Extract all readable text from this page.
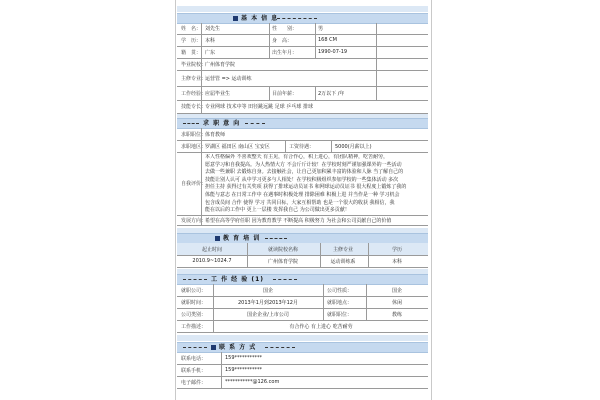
基 本 信 息
姓　名： 刘先生	性　　别：	男
学　历： 本科	身　高：	168 CM
籍　贯： 广东	出生年月：	1990-07-19
毕业院校：
广州体育学院
主修专业：
运营管 => 运动训练
工作经验：
应届毕业生	目前年薪：	2万以下 /年
技能专长：
专业网球 技术中等 田径跳远跳 足球 乒乓球 排球
求 职 意 向
求职职位：
体育教师
求职地区：
罗湖区 福田区 南山区 宝安区	工资待遇：	5000(月薪以上)
自我评价：
本人性格偏外 不喜欢整天 有主见，有合作心，积上进心，有团队精神，吃苦耐劳，
愿意学习和自我提高。为人热情大方 不会斤斤计较！在学校时刻严谨加强课外的一些活动
去做一些兼职 去锻炼自身。去接触社会，让自己更加积累丰富的体验和人脉 当了解自己的
技能让别人认可 从中学习更多与人相处！在学校积极组织参加学校的一些集体活动 多次
担任主持 获得过有关奖项 获得了排球运动员证书 和网球运动员证书 很大程度上锻炼了我的
体能与意志 在日常工作中 在遇事时积极处理 排除困难 积极上进 并当作是一种 学习机会
包含成员间 合作 使得 学习 共同目标，大家互相帮助 也是一个很大的收获 我相信，我
能在以后的工作中 更上一层楼 发挥我自己 为公司做出更多贡献！
发展方向：
希望在高等学府任职 因为教育教学 不断提高 积极努力 为社会和公司贡献自己的价值
教 育 培 训
起止时间	就读院校名称	主修专业	学历
2010.9~1024.7	广州体育学院	运动训练系	本科
工 作 经 验 (1)
就职公司：	国企	公司性质：	国企
就职时间：	2013年1月到2013年12月	就职地点：	休闲
公司类别：	国企企业/上市公司	就职职位：	教练
工作描述：	有合作心 有上进心 吃苦耐劳
联 系 方 式
联系电话：	159***********
联系手机：	159***********
电子邮件：	***********@126.com
